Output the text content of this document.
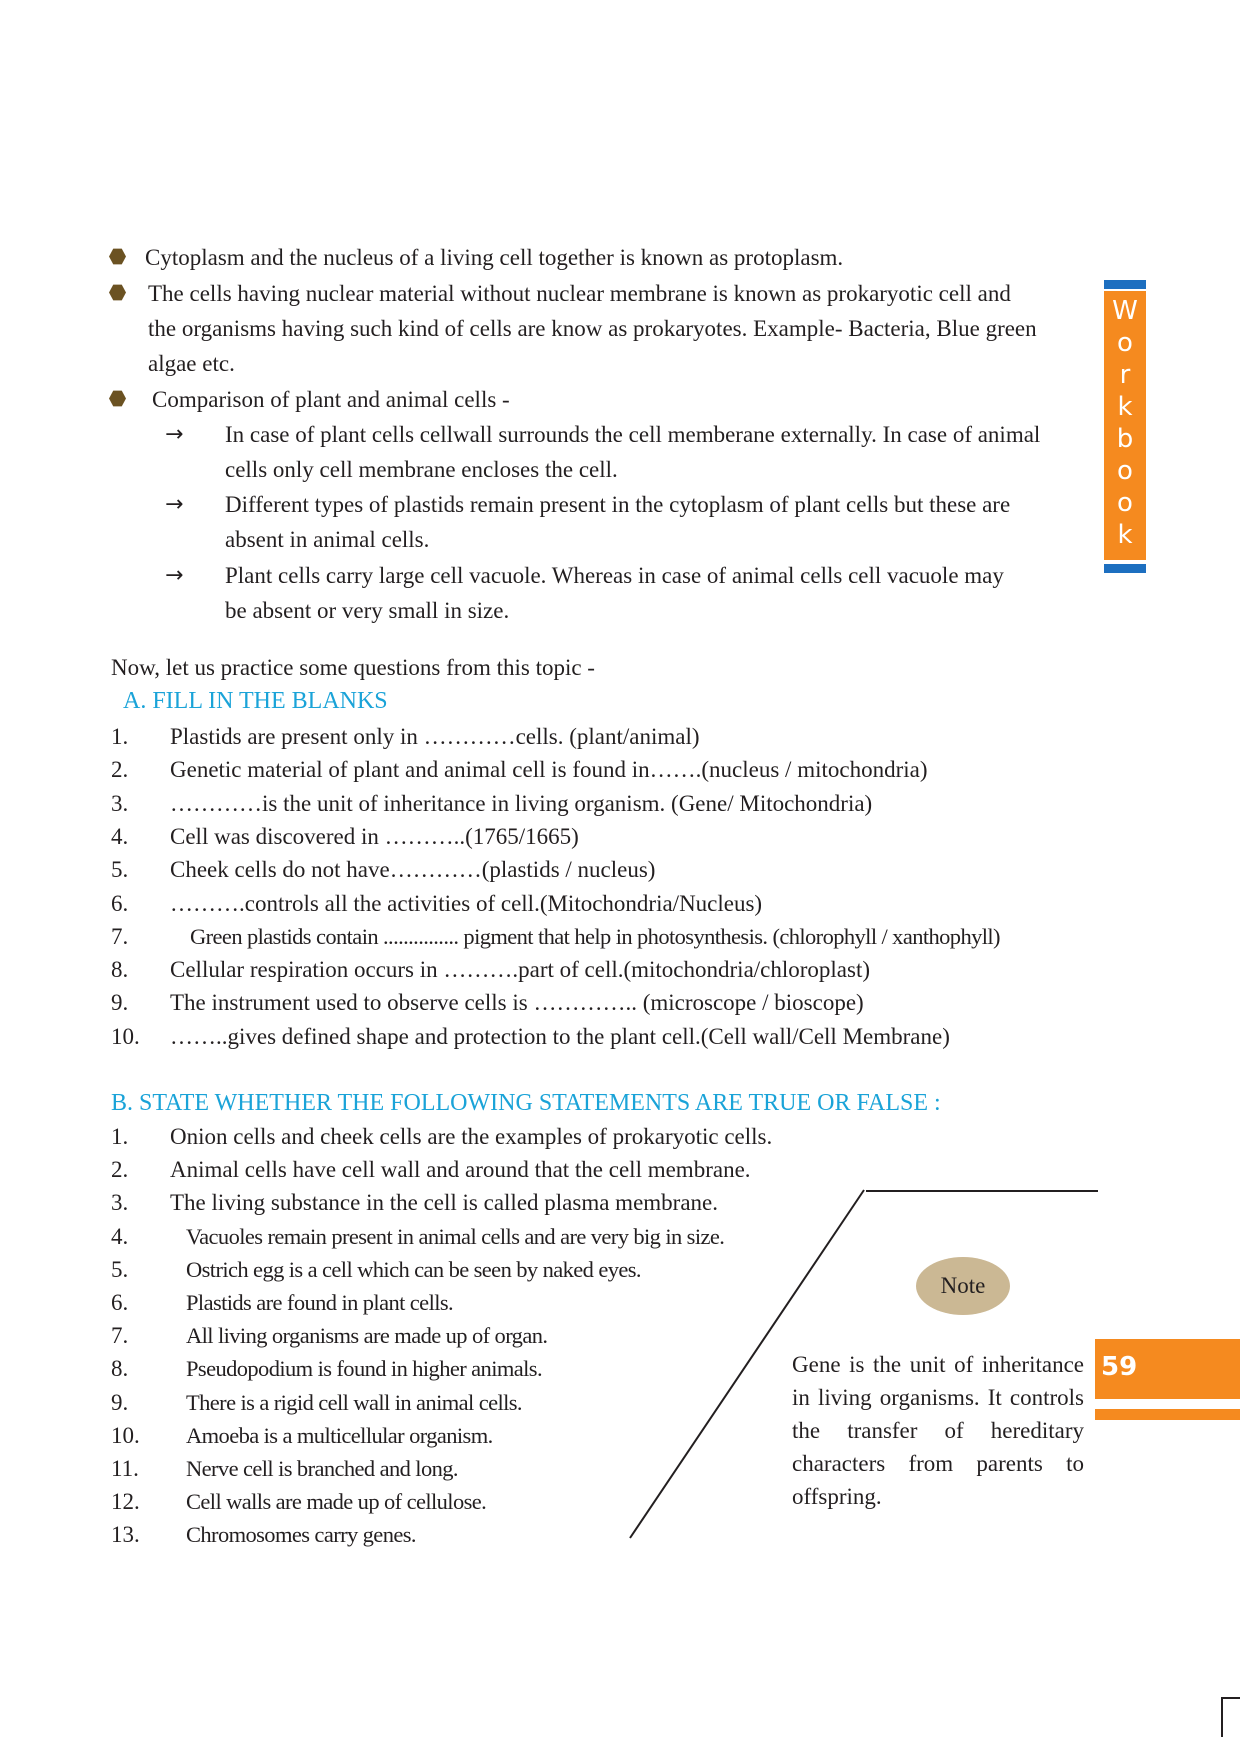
Cytoplasm and the nucleus of a living cell together is known as protoplasm.
The cells having nuclear material without nuclear membrane is known as prokaryotic cell and
the organisms having such kind of cells are know as prokaryotes. Example- Bacteria, Blue green
algae etc.
Comparison of plant and animal cells -
→ In case of plant cells cellwall surrounds the cell memberane externally. In case of animal
cells only cell membrane encloses the cell.
→ Different types of plastids remain present in the cytoplasm of plant cells but these are
absent in animal cells.
→ Plant cells carry large cell vacuole. Whereas in case of animal cells cell vacuole may
be absent or very small in size.
Now, let us practice some questions from this topic -
A. FILL IN THE BLANKS
1. Plastids are present only in …………cells. (plant/animal)
2. Genetic material of plant and animal cell is found in…….(nucleus / mitochondria)
3. …………is the unit of inheritance in living organism. (Gene/ Mitochondria)
4. Cell was discovered in ………..(1765/1665)
5. Cheek cells do not have…………(plastids / nucleus)
6. ……….controls all the activities of cell.(Mitochondria/Nucleus)
7.	Green plastids contain ............... pigment that help in photosynthesis. (chlorophyll / xanthophyll)
8. Cellular respiration occurs in ……….part of cell.(mitochondria/chloroplast)
9. The instrument used to observe cells is ………….. (microscope / bioscope)
10. ……..gives defined shape and protection to the plant cell.(Cell wall/Cell Membrane)
B. STATE WHETHER THE FOLLOWING STATEMENTS ARE TRUE OR FALSE :
1. Onion cells and cheek cells are the examples of prokaryotic cells.
2. Animal cells have cell wall and around that the cell membrane.
3. The living substance in the cell is called plasma membrane.
4.	Vacuoles remain present in animal cells and are very big in size.
5.	Ostrich egg is a cell which can be seen by naked eyes.
6.	Plastids are found in plant cells.
7.	All living organisms are made up of organ.
8.	Pseudopodium is found in higher animals.
9.	There is a rigid cell wall in animal cells.
10. Amoeba is a multicellular organism.
11. Nerve cell is branched and long.
12. Cell walls are made up of cellulose.
13. Chromosomes carry genes.
Note
Gene is the unit of inheritance in living organisms. It controls the transfer of hereditary characters from parents to offspring.
W
o
r
k
b
o
o
k
59
